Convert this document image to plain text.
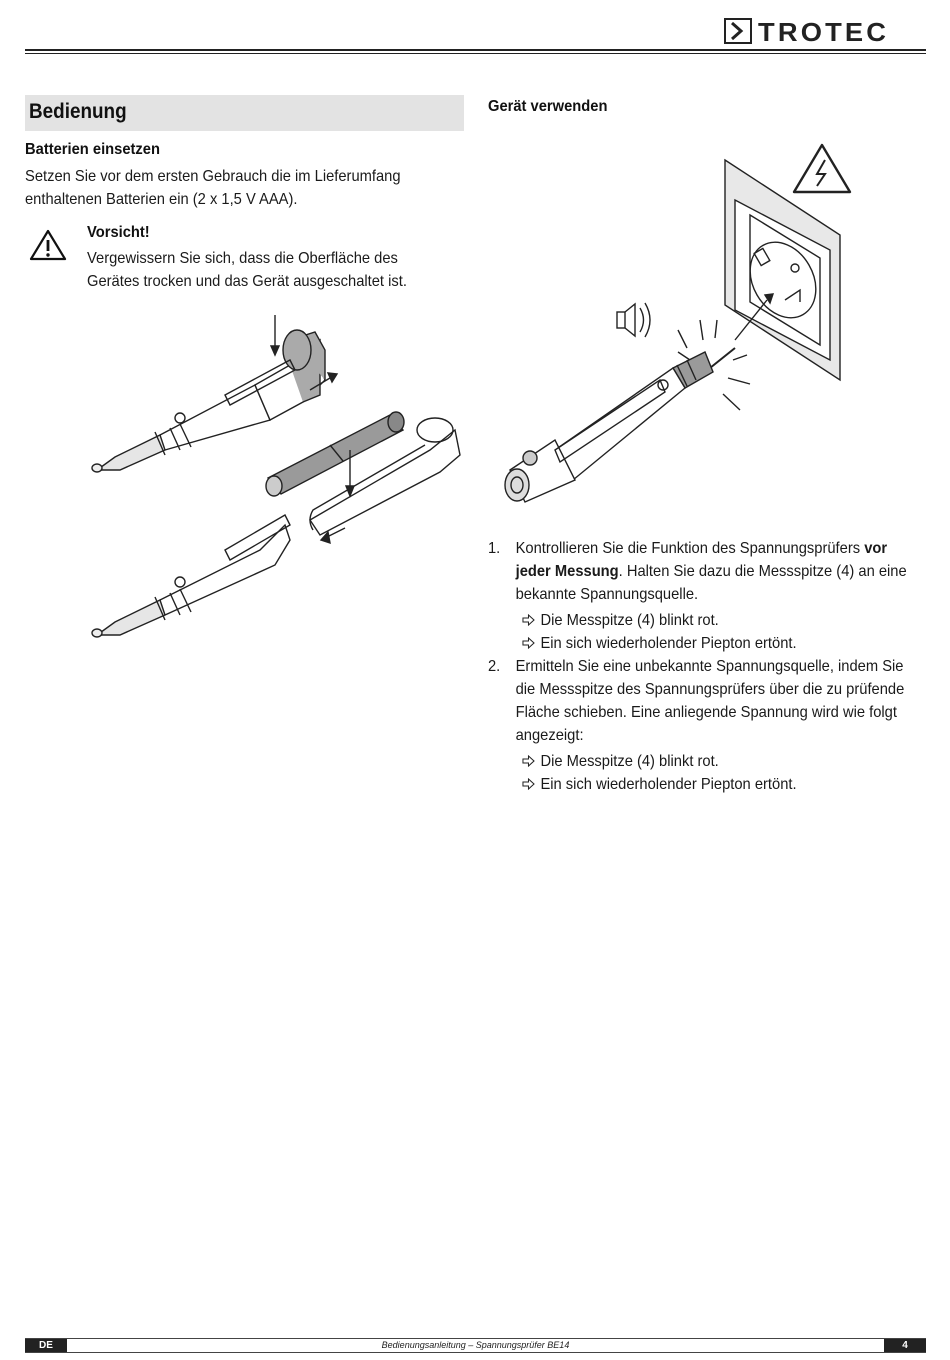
TROTEC
Bedienung
Batterien einsetzen
Setzen Sie vor dem ersten Gebrauch die im Lieferumfang
enthaltenen Batterien ein (2 x 1,5 V AAA).
Vorsicht!
Vergewissern Sie sich, dass die Oberfläche des
Gerätes trocken und das Gerät ausgeschaltet ist.
Gerät verwenden
1. Kontrollieren Sie die Funktion des Spannungsprüfers vor
jeder Messung. Halten Sie dazu die Messspitze (4) an eine
bekannte Spannungsquelle.
Die Messpitze (4) blinkt rot.
Ein sich wiederholender Piepton ertönt.
2. Ermitteln Sie eine unbekannte Spannungsquelle, indem Sie
die Messspitze des Spannungsprüfers über die zu prüfende
Fläche schieben. Eine anliegende Spannung wird wie folgt
angezeigt:
Die Messpitze (4) blinkt rot.
Ein sich wiederholender Piepton ertönt.
Bedienungsanleitung – Spannungsprüfer BE14
DE	4
